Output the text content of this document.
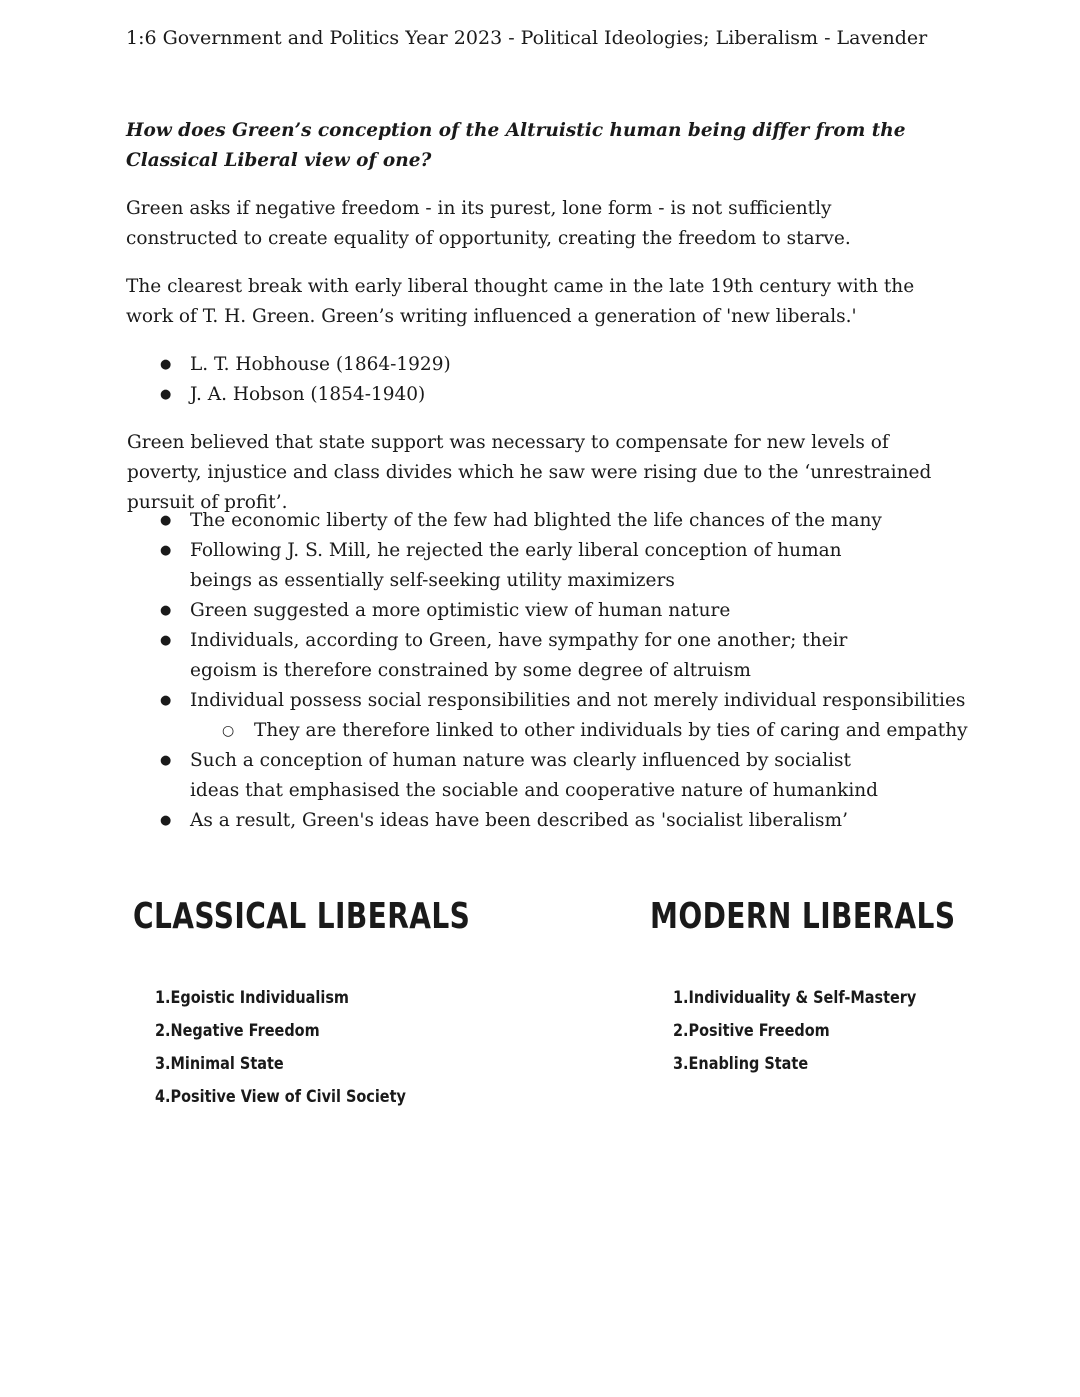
1:6 Government and Politics Year 2023 - Political Ideologies; Liberalism - Lavender
How does Green’s conception of the Altruistic human being differ from the Classical Liberal view of one?
Green asks if negative freedom - in its purest, lone form - is not sufficiently constructed to create equality of opportunity, creating the freedom to starve.
The clearest break with early liberal thought came in the late 19th century with the work of T. H. Green. Green’s writing influenced a generation of 'new liberals.'
● L. T. Hobhouse (1864-1929)
● J. A. Hobson (1854-1940)
Green believed that state support was necessary to compensate for new levels of poverty, injustice and class divides which he saw were rising due to the ‘unrestrained pursuit of profit’.
● The economic liberty of the few had blighted the life chances of the many
● Following J. S. Mill, he rejected the early liberal conception of human beings as essentially self-seeking utility maximizers
● Green suggested a more optimistic view of human nature
● Individuals, according to Green, have sympathy for one another; their egoism is therefore constrained by some degree of altruism
● Individual possess social responsibilities and not merely individual responsibilities
○ They are therefore linked to other individuals by ties of caring and empathy
● Such a conception of human nature was clearly influenced by socialist ideas that emphasised the sociable and cooperative nature of humankind
● As a result, Green's ideas have been described as 'socialist liberalism’
CLASSICAL LIBERALS
1.Egoistic Individualism
2.Negative Freedom
3.Minimal State
4.Positive View of Civil Society
MODERN LIBERALS
1.Individuality & Self-Mastery
2.Positive Freedom
3.Enabling State
